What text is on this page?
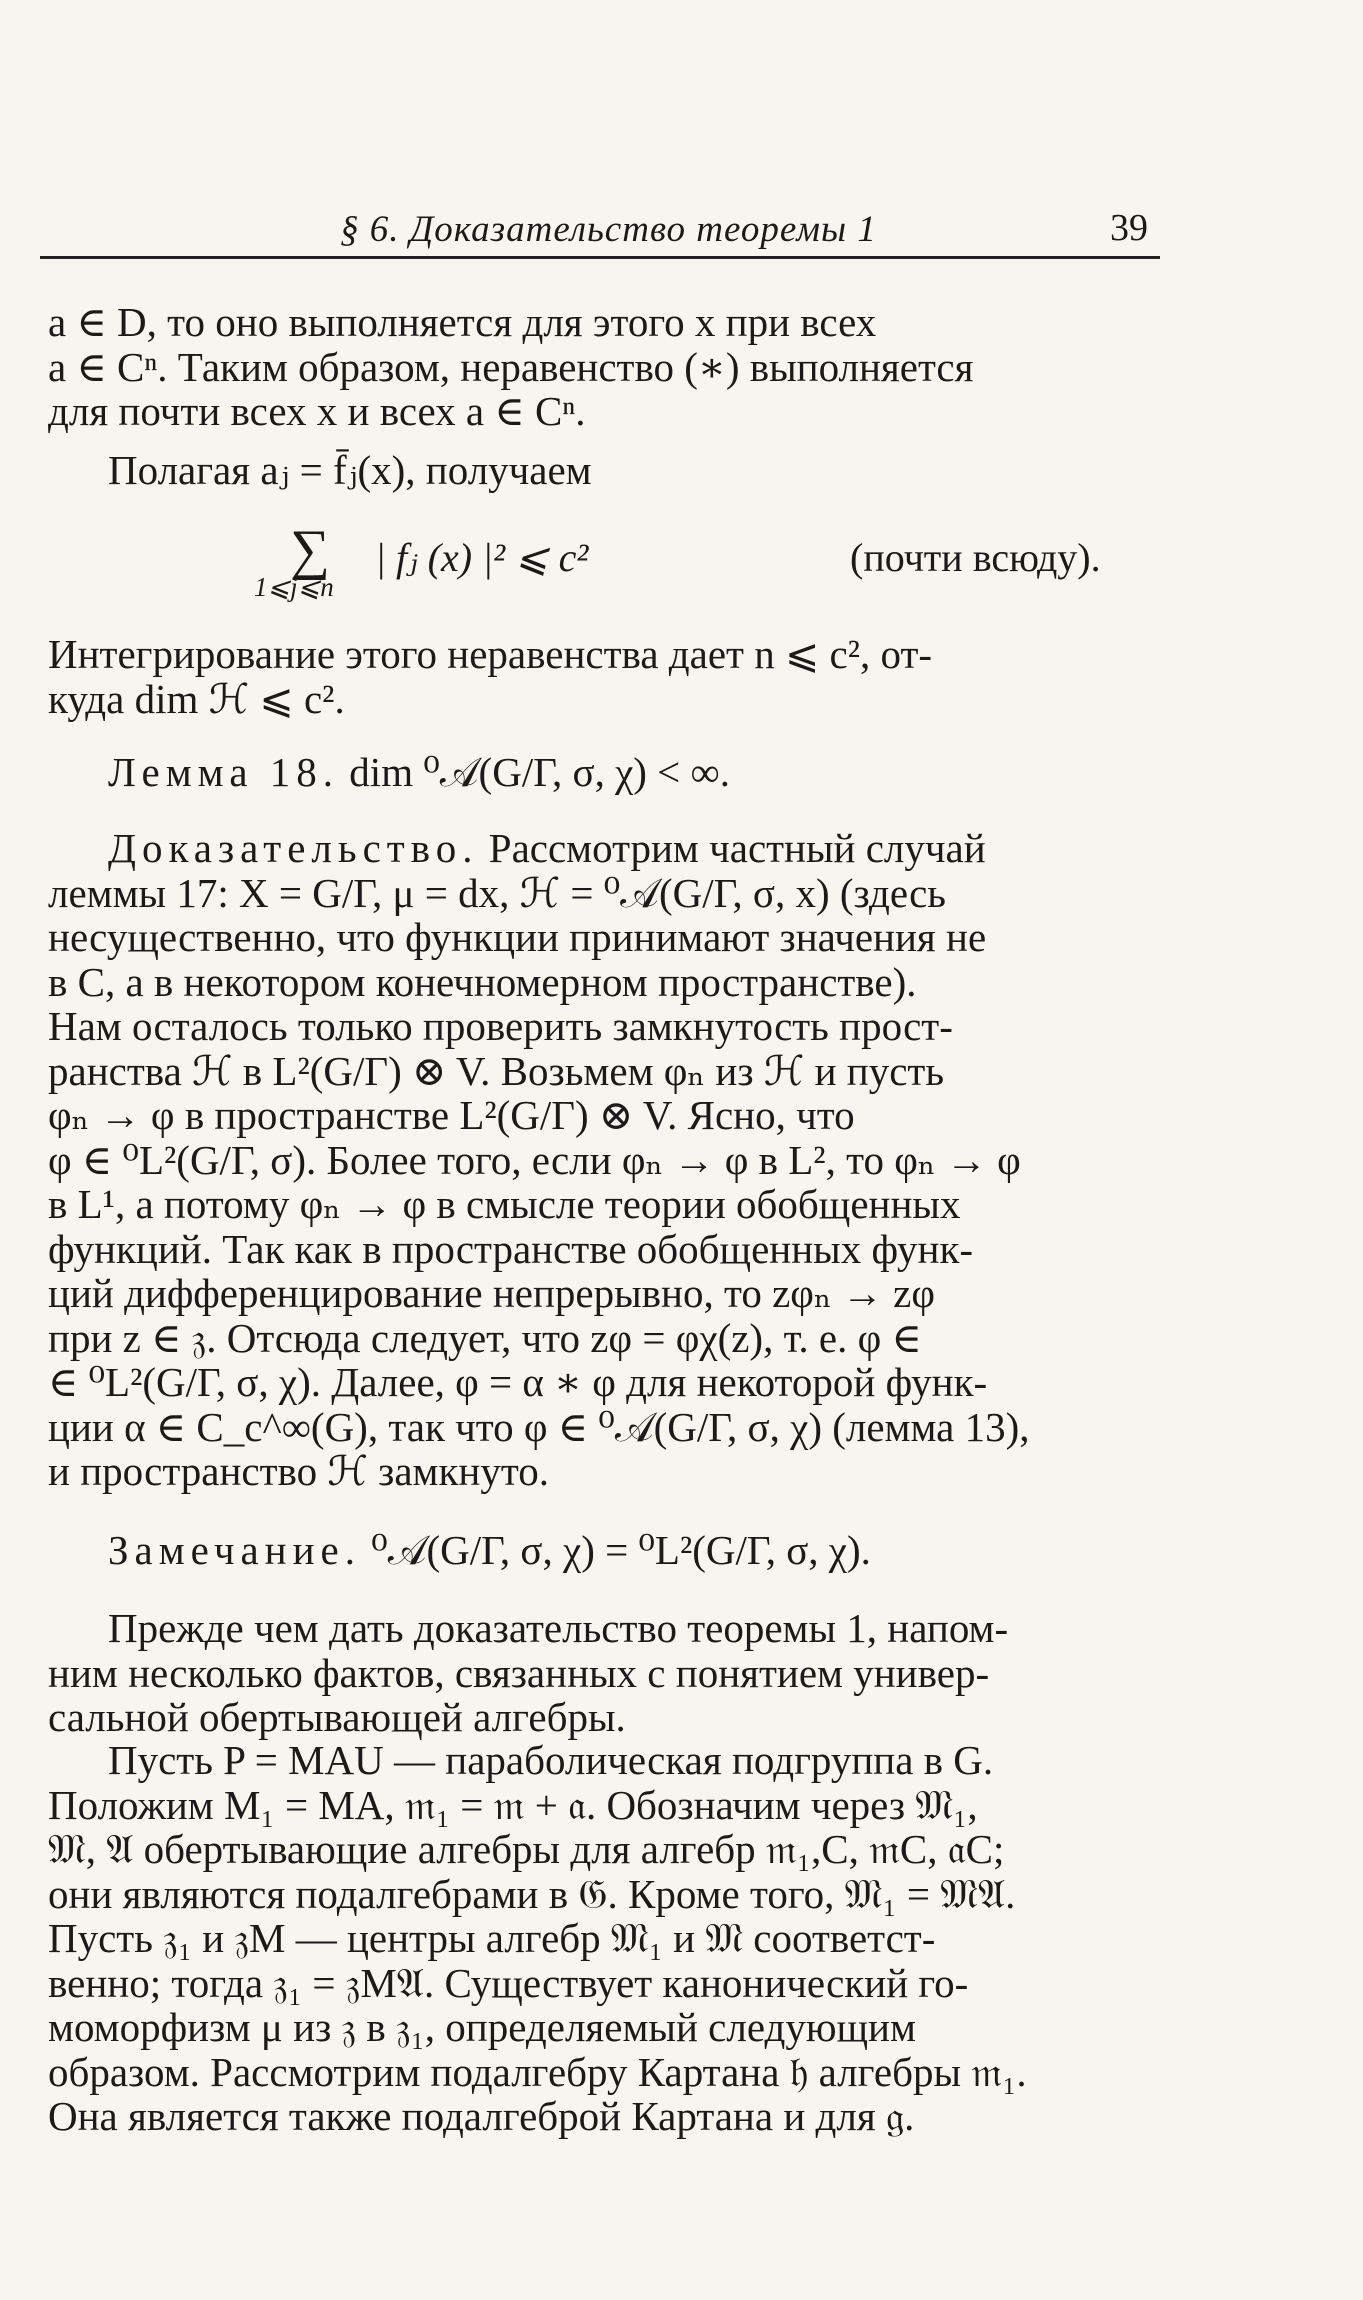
§ 6. Доказательство теоремы 1	39

a ∈ D, то оно выполняется для этого x при всех

a ∈ Cⁿ. Таким образом, неравенство (∗) выполняется

для почти всех x и всех a ∈ Cⁿ.

Полагая aⱼ = f̄ⱼ(x), получаем

∑
1⩽j⩽n
| fⱼ (x) |² ⩽ c²	(почти всюду).

Интегрирование этого неравенства дает n ⩽ c², от-

куда dim ℋ ⩽ c².

Лемма 18. dim ⁰𝒜(G/Γ, σ, χ) < ∞.

Доказательство. Рассмотрим частный случай

леммы 17: X = G/Γ, μ = dx, ℋ = ⁰𝒜(G/Γ, σ, x) (здесь

несущественно, что функции принимают значения не

в C, а в некотором конечномерном пространстве).

Нам осталось только проверить замкнутость прост-

ранства ℋ в L²(G/Γ) ⊗ V. Возьмем φₙ из ℋ и пусть

φₙ → φ в пространстве L²(G/Γ) ⊗ V. Ясно, что

φ ∈ ⁰L²(G/Γ, σ). Более того, если φₙ → φ в L², то φₙ → φ

в L¹, а потому φₙ → φ в смысле теории обобщенных

функций. Так как в пространстве обобщенных функ-

ций дифференцирование непрерывно, то zφₙ → zφ

при z ∈ 𝔷. Отсюда следует, что zφ = φχ(z), т. е. φ ∈

∈ ⁰L²(G/Γ, σ, χ). Далее, φ = α ∗ φ для некоторой функ-

ции α ∈ C_c^∞(G), так что φ ∈ ⁰𝒜(G/Γ, σ, χ) (лемма 13),

и пространство ℋ замкнуто.

Замечание. ⁰𝒜(G/Γ, σ, χ) = ⁰L²(G/Γ, σ, χ).

Прежде чем дать доказательство теоремы 1, напом-

ним несколько фактов, связанных с понятием универ-

сальной обертывающей алгебры.

Пусть P = MAU — параболическая подгруппа в G.

Положим M₁ = MA, 𝔪₁ = 𝔪 + 𝔞. Обозначим через 𝔐₁,

𝔐, 𝔄 обертывающие алгебры для алгебр 𝔪₁,C, 𝔪C, 𝔞C;

они являются подалгебрами в 𝔊. Кроме того, 𝔐₁ = 𝔐𝔄.

Пусть 𝔷₁ и 𝔷M — центры алгебр 𝔐₁ и 𝔐 соответст-

венно; тогда 𝔷₁ = 𝔷M𝔄. Существует канонический го-

моморфизм μ из 𝔷 в 𝔷₁, определяемый следующим

образом. Рассмотрим подалгебру Картана 𝔥 алгебры 𝔪₁.

Она является также подалгеброй Картана и для 𝔤.
